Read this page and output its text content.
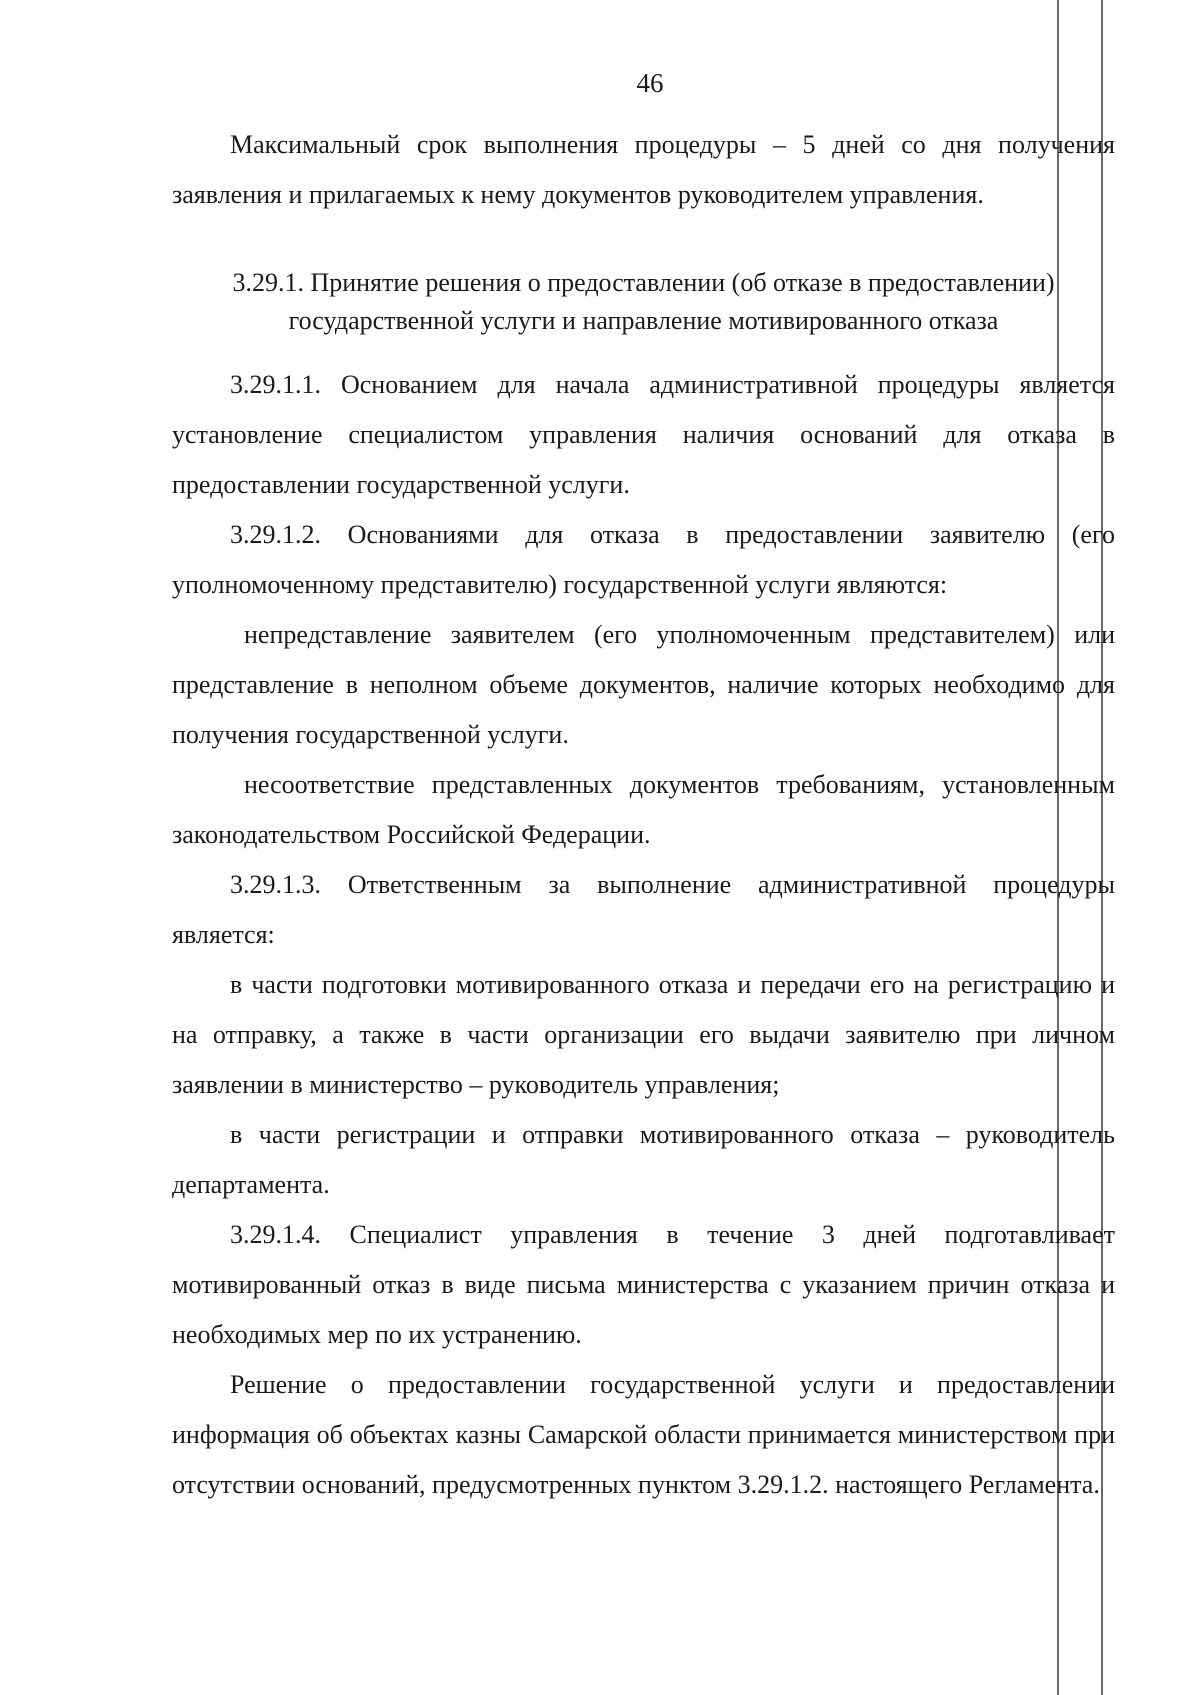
46

Максимальный срок выполнения процедуры – 5 дней со дня получения заявления и прилагаемых к нему документов руководителем управления.

3.29.1. Принятие решения о предоставлении (об отказе в предоставлении)
государственной услуги и направление мотивированного отказа

3.29.1.1. Основанием для начала административной процедуры является установление специалистом управления наличия оснований для отказа в предоставлении государственной услуги.

3.29.1.2. Основаниями для отказа в предоставлении заявителю (его уполномоченному представителю) государственной услуги являются:

непредставление заявителем (его уполномоченным представителем) или представление в неполном объеме документов, наличие которых необходимо для получения государственной услуги.

несоответствие представленных документов требованиям, установленным законодательством Российской Федерации.

3.29.1.3. Ответственным за выполнение административной процедуры является:

в части подготовки мотивированного отказа и передачи его на регистрацию и на отправку, а также в части организации его выдачи заявителю при личном заявлении в министерство – руководитель управления;

в части регистрации и отправки мотивированного отказа – руководитель департамента.

3.29.1.4. Специалист управления в течение 3 дней подготавливает мотивированный отказ в виде письма министерства с указанием причин отказа и необходимых мер по их устранению.

Решение о предоставлении государственной услуги и предоставлении информация об объектах казны Самарской области принимается министерством при отсутствии оснований, предусмотренных пунктом 3.29.1.2. настоящего Регламента.
